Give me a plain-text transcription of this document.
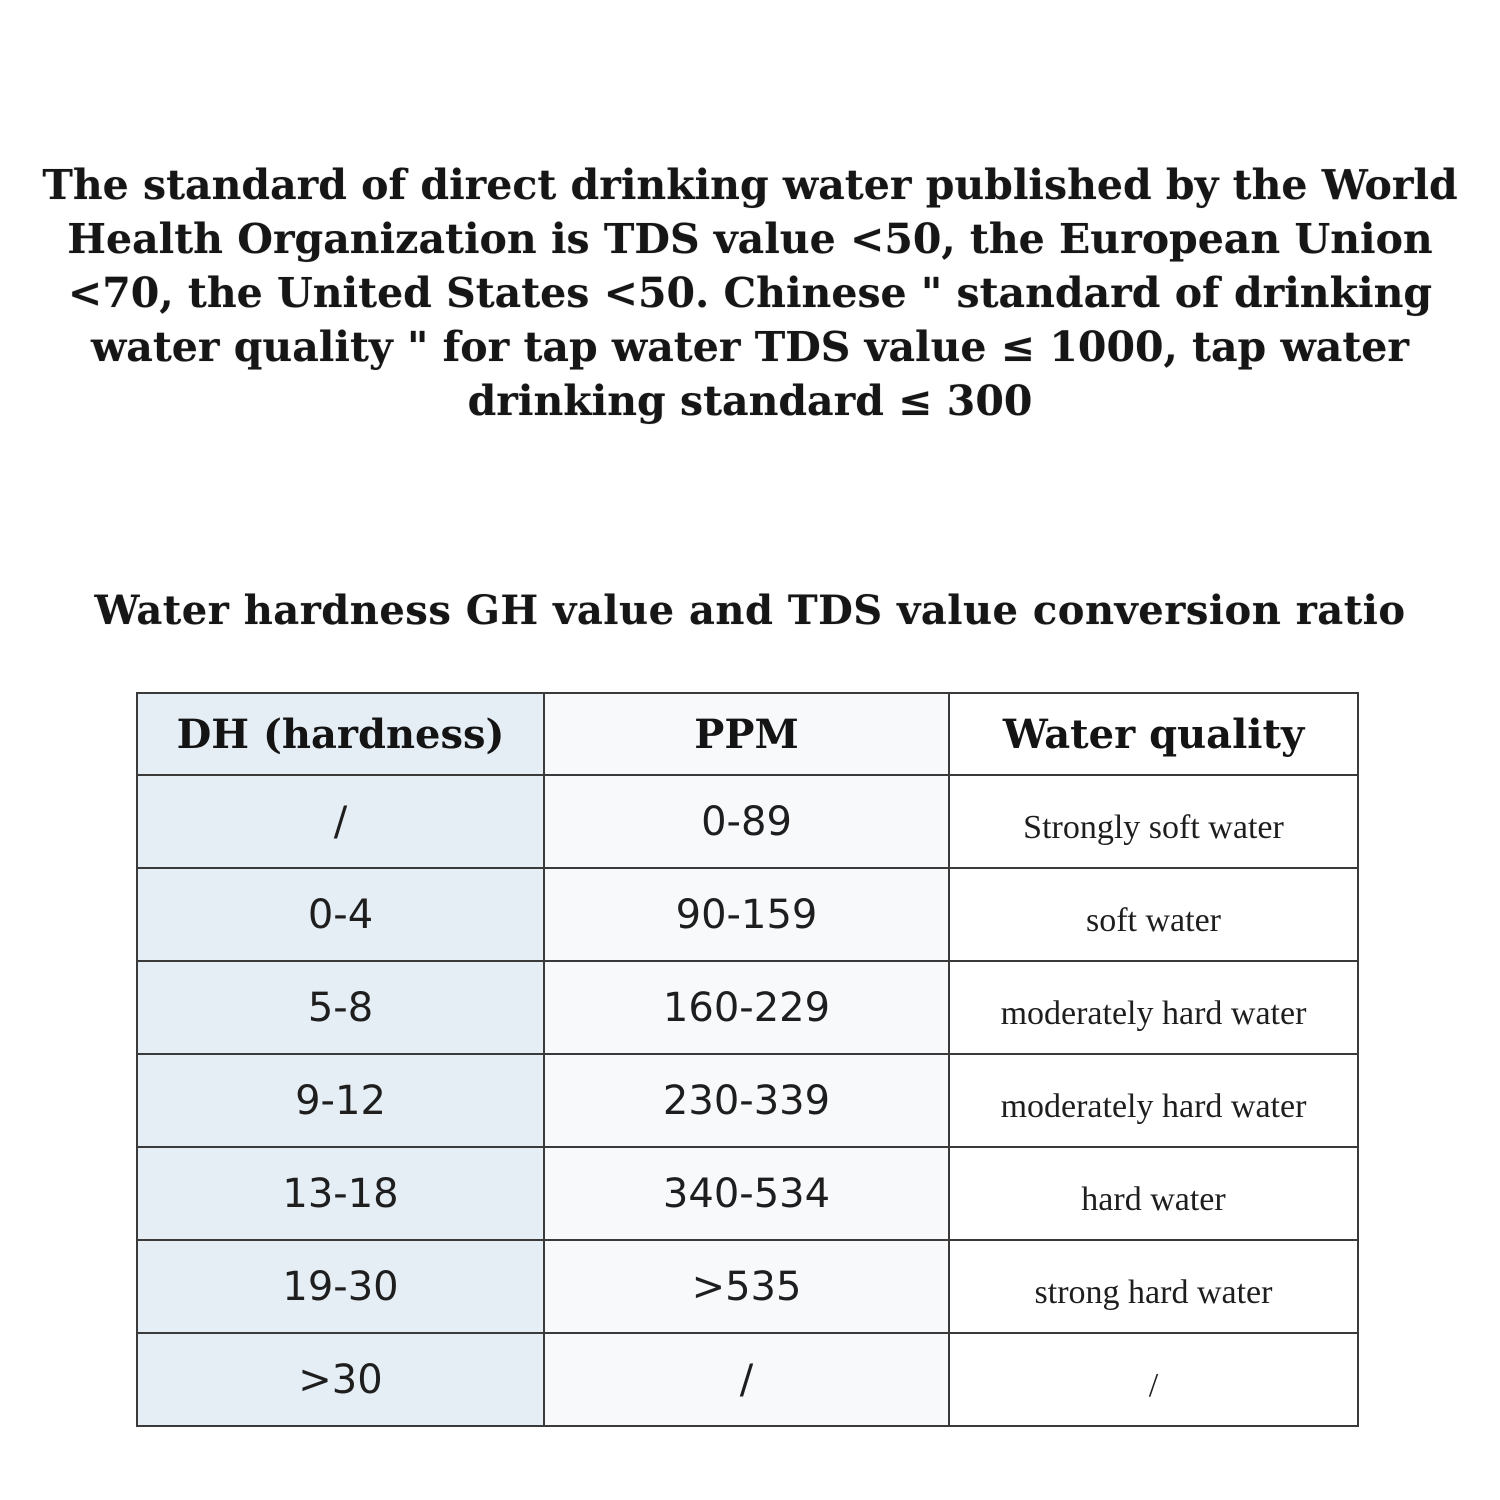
The standard of direct drinking water published by the World Health Organization is TDS value <50, the European Union <70, the United States <50. Chinese " standard of drinking water quality " for tap water TDS value ≤ 1000, tap water drinking standard ≤ 300

Water hardness GH value and TDS value conversion ratio
DH (hardness)	PPM	Water quality
/	0-89	Strongly soft water
0-4	90-159	soft water
5-8	160-229	moderately hard water
9-12	230-339	moderately hard water
13-18	340-534	hard water
19-30	>535	strong hard water
>30	/	/
